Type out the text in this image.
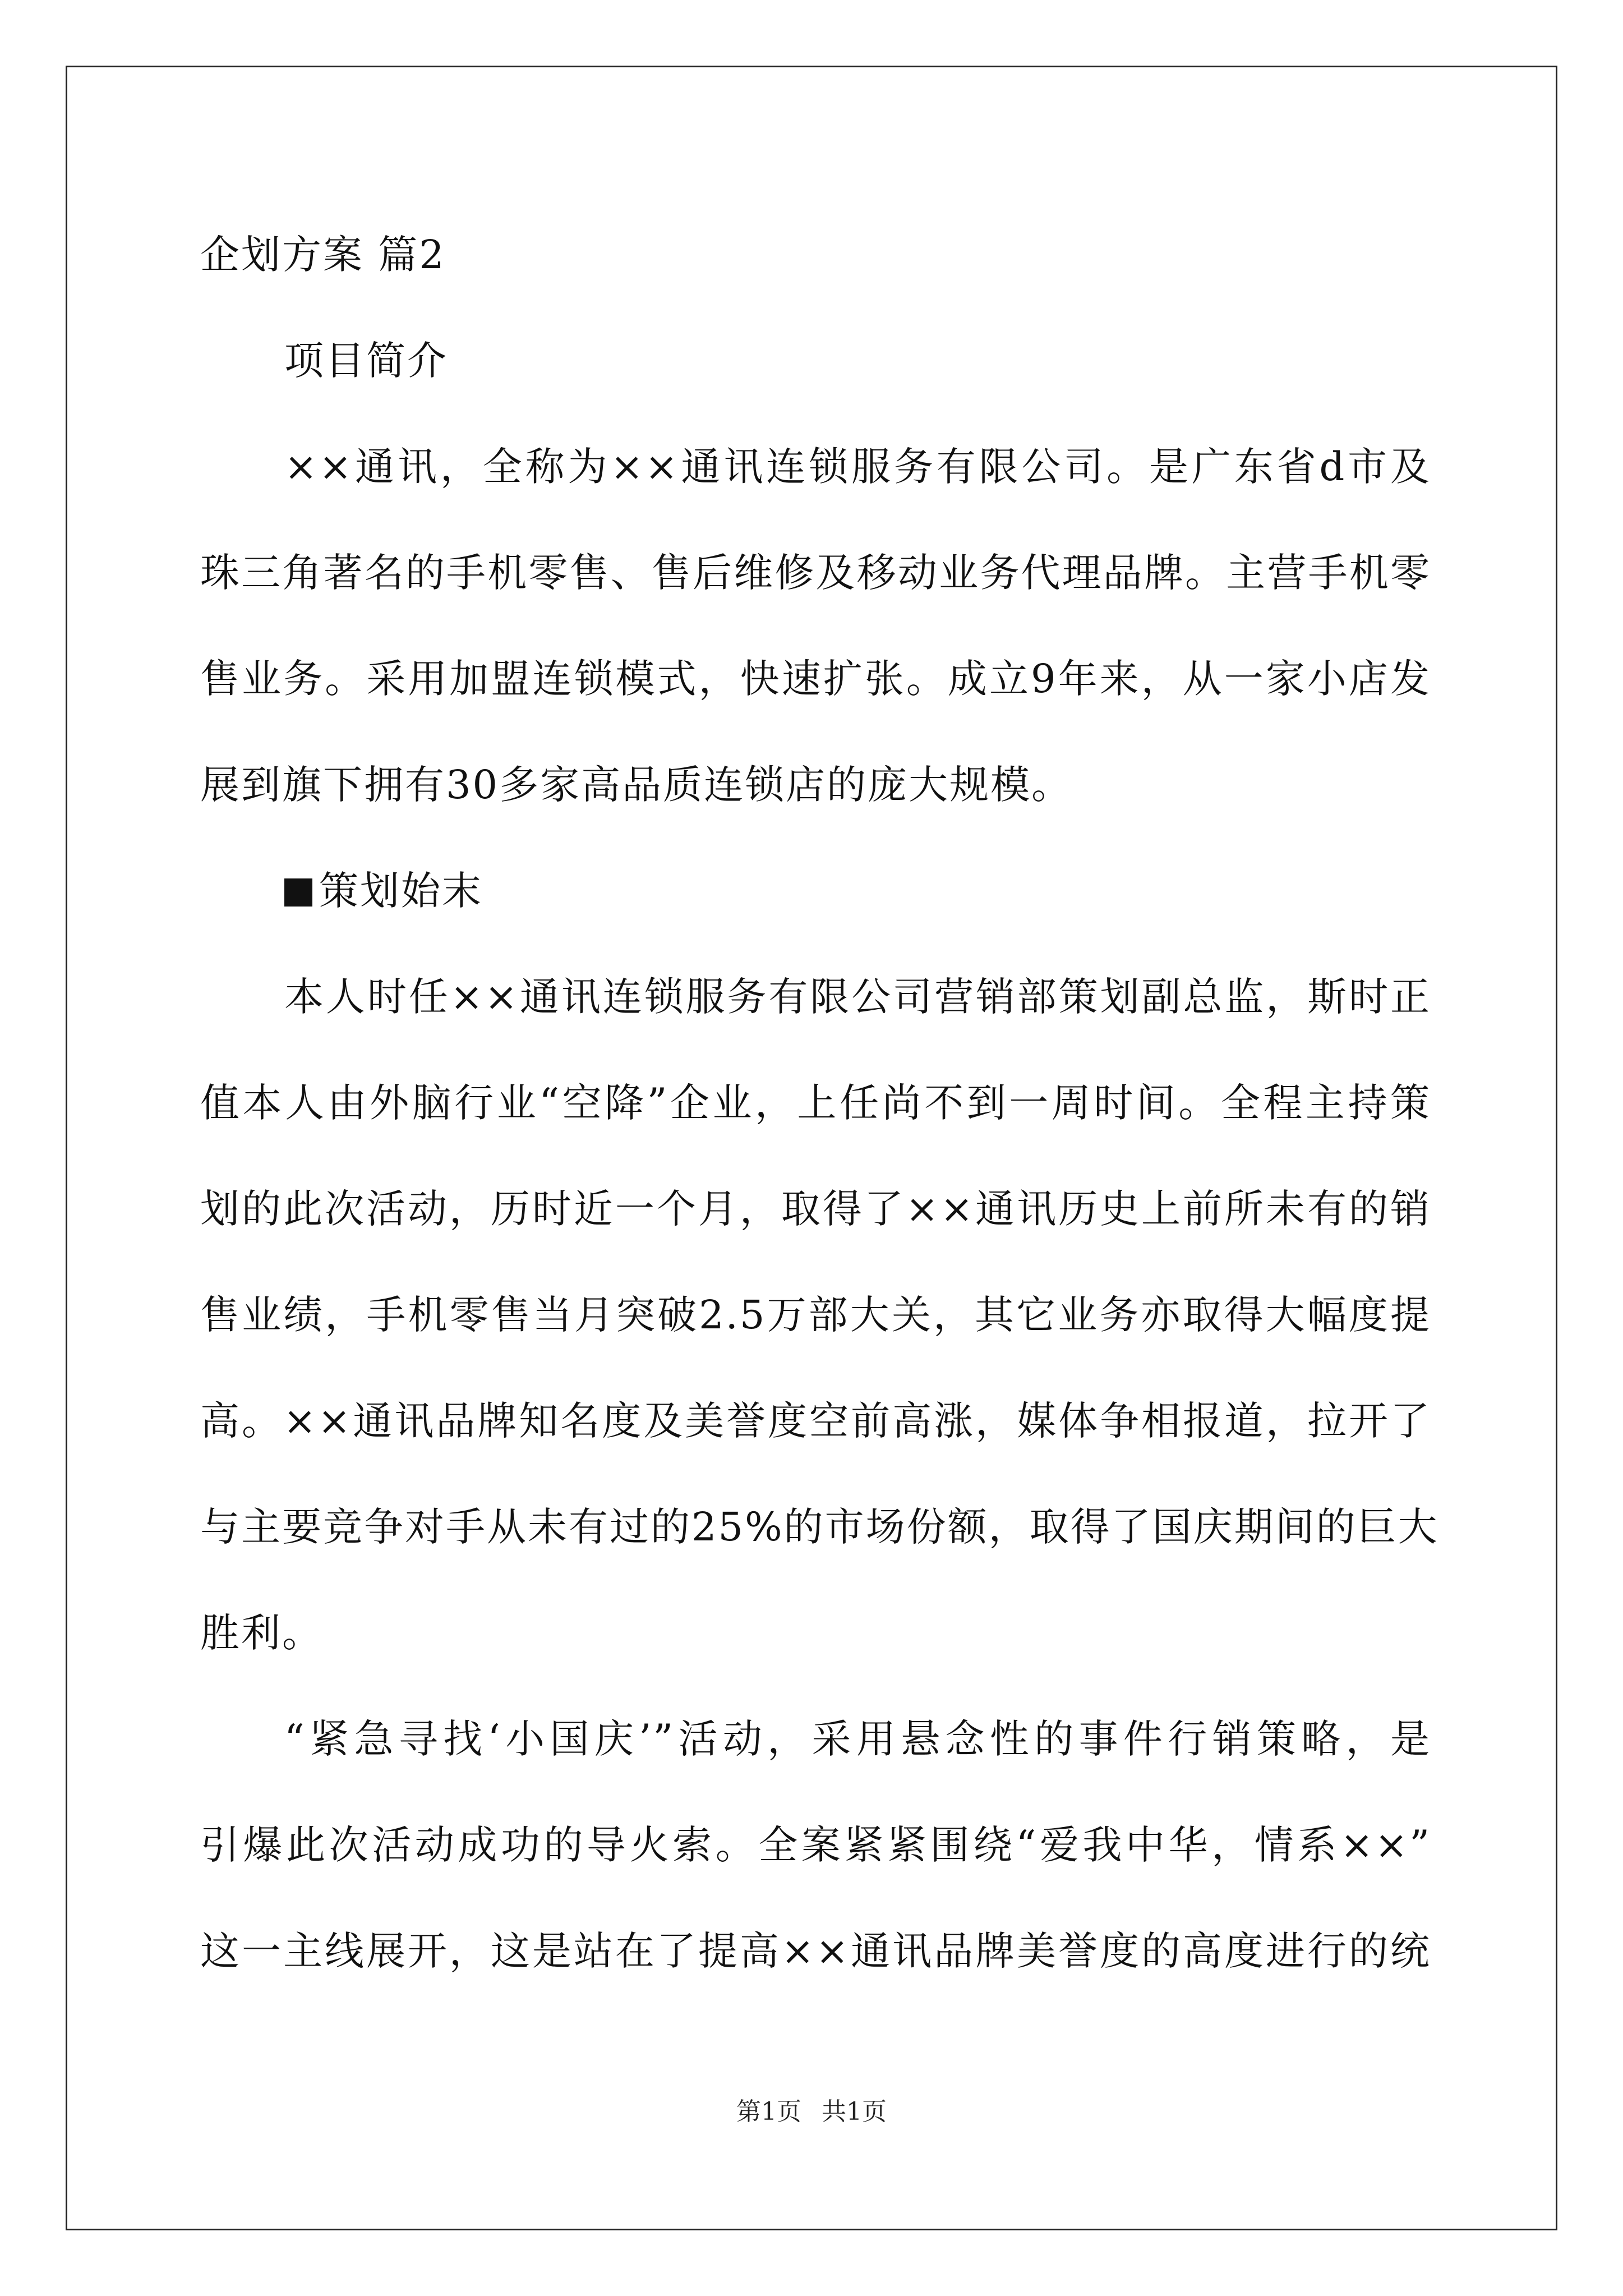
企划方案 篇2
项目简介
××通讯，全称为××通讯连锁服务有限公司。是广东省d市及
珠三角著名的手机零售、售后维修及移动业务代理品牌。主营手机零
售业务。采用加盟连锁模式，快速扩张。成立9年来，从一家小店发
展到旗下拥有30多家高品质连锁店的庞大规模。
策划始末
本人时任××通讯连锁服务有限公司营销部策划副总监，斯时正
值本人由外脑行业“空降”企业，上任尚不到一周时间。全程主持策
划的此次活动，历时近一个月，取得了××通讯历史上前所未有的销
售业绩，手机零售当月突破2.5万部大关，其它业务亦取得大幅度提
高。××通讯品牌知名度及美誉度空前高涨，媒体争相报道，拉开了
与主要竞争对手从未有过的25%的市场份额，取得了国庆期间的巨大
胜利。
“紧急寻找‘小国庆’”活动，采用悬念性的事件行销策略，是
引爆此次活动成功的导火索。全案紧紧围绕“爱我中华，情系××”
这一主线展开，这是站在了提高××通讯品牌美誉度的高度进行的统
第1页 共1页
